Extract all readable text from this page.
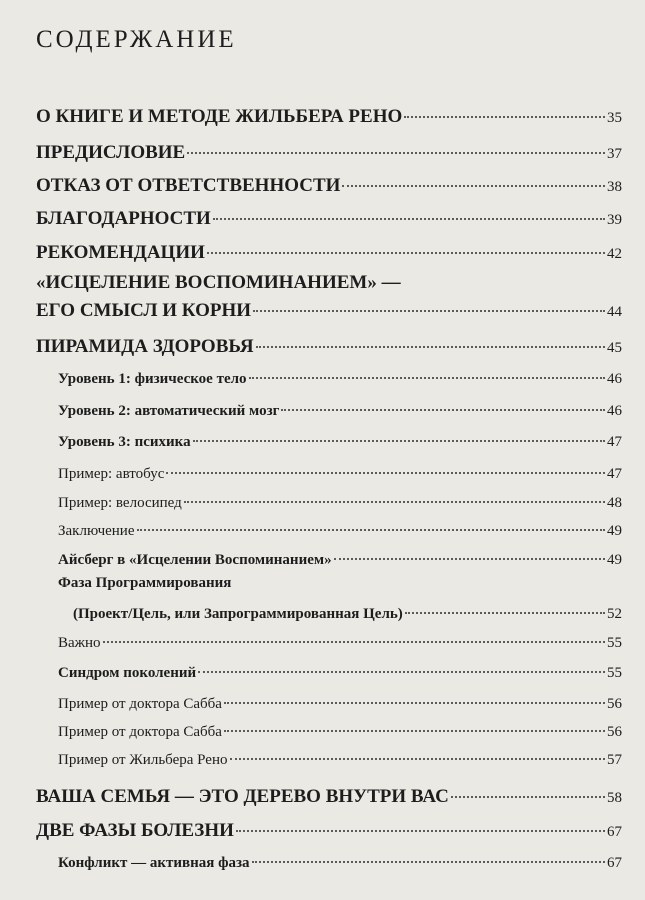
СОДЕРЖАНИЕ
О КНИГЕ И МЕТОДЕ ЖИЛЬБЕРА РЕНО	35
ПРЕДИСЛОВИЕ	37
ОТКАЗ ОТ ОТВЕТСТВЕННОСТИ	38
БЛАГОДАРНОСТИ	39
РЕКОМЕНДАЦИИ	42
«ИСЦЕЛЕНИЕ ВОСПОМИНАНИЕМ» —
ЕГО СМЫСЛ И КОРНИ	44
ПИРАМИДА ЗДОРОВЬЯ	45
Уровень 1: физическое тело	46
Уровень 2: автоматический мозг	46
Уровень 3: психика	47
Пример: автобус	47
Пример: велосипед	48
Заключение	49
Айсберг в «Исцелении Воспоминанием»	49
Фаза Программирования
(Проект/Цель, или Запрограммированная Цель)	52
Важно	55
Синдром поколений	55
Пример от доктора Сабба	56
Пример от доктора Сабба	56
Пример от Жильбера Рено	57
ВАША СЕМЬЯ — ЭТО ДЕРЕВО ВНУТРИ ВАС	58
ДВЕ ФАЗЫ БОЛЕЗНИ	67
Конфликт — активная фаза	67
